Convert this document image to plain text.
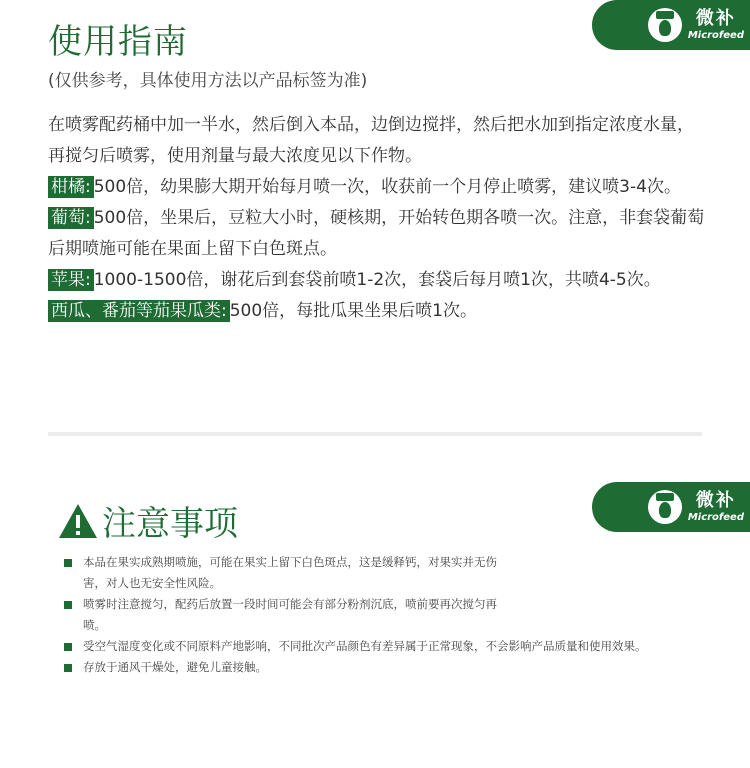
微补
Microfeed
使用指南
(仅供参考，具体使用方法以产品标签为准)

在喷雾配药桶中加一半水，然后倒入本品，边倒边搅拌，然后把水加到指定浓度水量，再搅匀后喷雾，使用剂量与最大浓度见以下作物。

柑橘: 500倍，幼果膨大期开始每月喷一次，收获前一个月停止喷雾，建议喷3-4次。

葡萄: 500倍，坐果后，豆粒大小时，硬核期，开始转色期各喷一次。注意，非套袋葡萄后期喷施可能在果面上留下白色斑点。

苹果: 1000-1500倍，谢花后到套袋前喷1-2次，套袋后每月喷1次，共喷4-5次。

西瓜、番茄等茄果瓜类: 500倍，每批瓜果坐果后喷1次。

微补
Microfeed
注意事项
本品在果实成熟期喷施，可能在果实上留下白色斑点，这是缓释钙，对果实并无伤害，对人也无安全性风险。
喷雾时注意搅匀，配药后放置一段时间可能会有部分粉剂沉底，喷前要再次搅匀再喷。
受空气湿度变化或不同原料产地影响，不同批次产品颜色有差异属于正常现象，不会影响产品质量和使用效果。
存放于通风干燥处，避免儿童接触。
